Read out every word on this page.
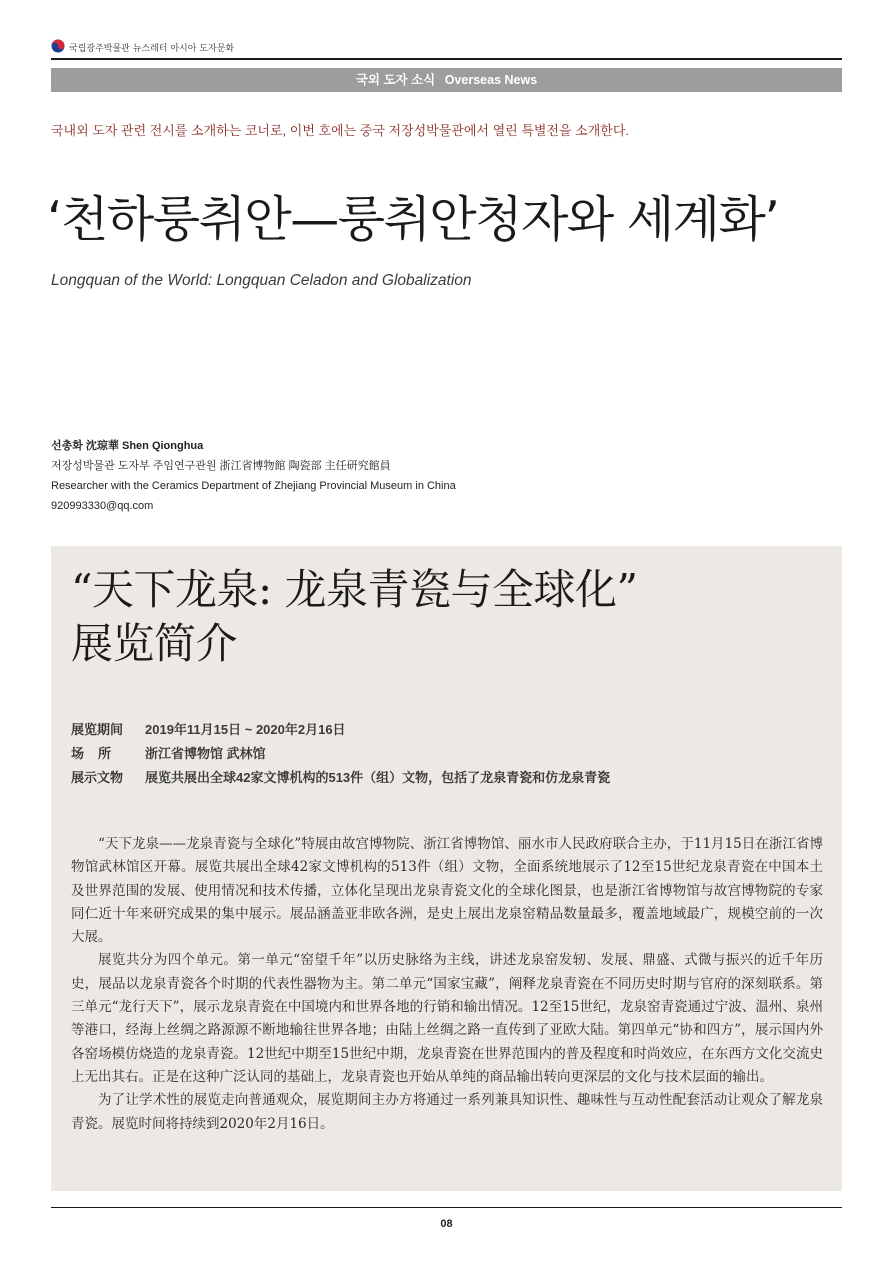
국립광주박물관 뉴스레터 아시아 도자문화
국외 도자 소식 Overseas News
국내외 도자 관련 전시를 소개하는 코너로, 이번 호에는 중국 저장성박물관에서 열린 특별전을 소개한다.
‘천하룽취안—룽취안청자와 세계화’
Longquan of the World: Longquan Celadon and Globalization
선총화 沈琼華 Shen Qionghua
저장성박물관 도자부 주임연구관원 浙江省博物館 陶瓷部 主任研究館員
Researcher with the Ceramics Department of Zhejiang Provincial Museum in China
920993330@qq.com
“天下龙泉: 龙泉青瓷与全球化”
展览简介
展览期间	2019年11月15日 ~ 2020年2月16日
场所	浙江省博物馆 武林馆
展示文物	展览共展出全球42家文博机构的513件（组）文物，包括了龙泉青瓷和仿龙泉青瓷

“天下龙泉——龙泉青瓷与全球化”特展由故宫博物院、浙江省博物馆、丽水市人民政府联合主办，于11月15日在浙江省博物馆武林馆区开幕。展览共展出全球42家文博机构的513件（组）文物，全面系统地展示了12至15世纪龙泉青瓷在中国本土及世界范围的发展、使用情况和技术传播，立体化呈现出龙泉青瓷文化的全球化图景，也是浙江省博物馆与故宫博物院的专家同仁近十年来研究成果的集中展示。展品涵盖亚非欧各洲，是史上展出龙泉窑精品数量最多，覆盖地域最广，规模空前的一次大展。

展览共分为四个单元。第一单元“窑望千年”以历史脉络为主线，讲述龙泉窑发轫、发展、鼎盛、式微与振兴的近千年历史，展品以龙泉青瓷各个时期的代表性器物为主。第二单元“国家宝藏”，阐释龙泉青瓷在不同历史时期与官府的深刻联系。第三单元“龙行天下”，展示龙泉青瓷在中国境内和世界各地的行销和输出情况。12至15世纪，龙泉窑青瓷通过宁波、温州、泉州等港口，经海上丝绸之路源源不断地输往世界各地；由陆上丝绸之路一直传到了亚欧大陆。第四单元“协和四方”，展示国内外各窑场模仿烧造的龙泉青瓷。12世纪中期至15世纪中期，龙泉青瓷在世界范围内的普及程度和时尚效应，在东西方文化交流史上无出其右。正是在这种广泛认同的基础上，龙泉青瓷也开始从单纯的商品输出转向更深层的文化与技术层面的输出。

为了让学术性的展览走向普通观众，展览期间主办方将通过一系列兼具知识性、趣味性与互动性配套活动让观众了解龙泉青瓷。展览时间将持续到2020年2月16日。

08
